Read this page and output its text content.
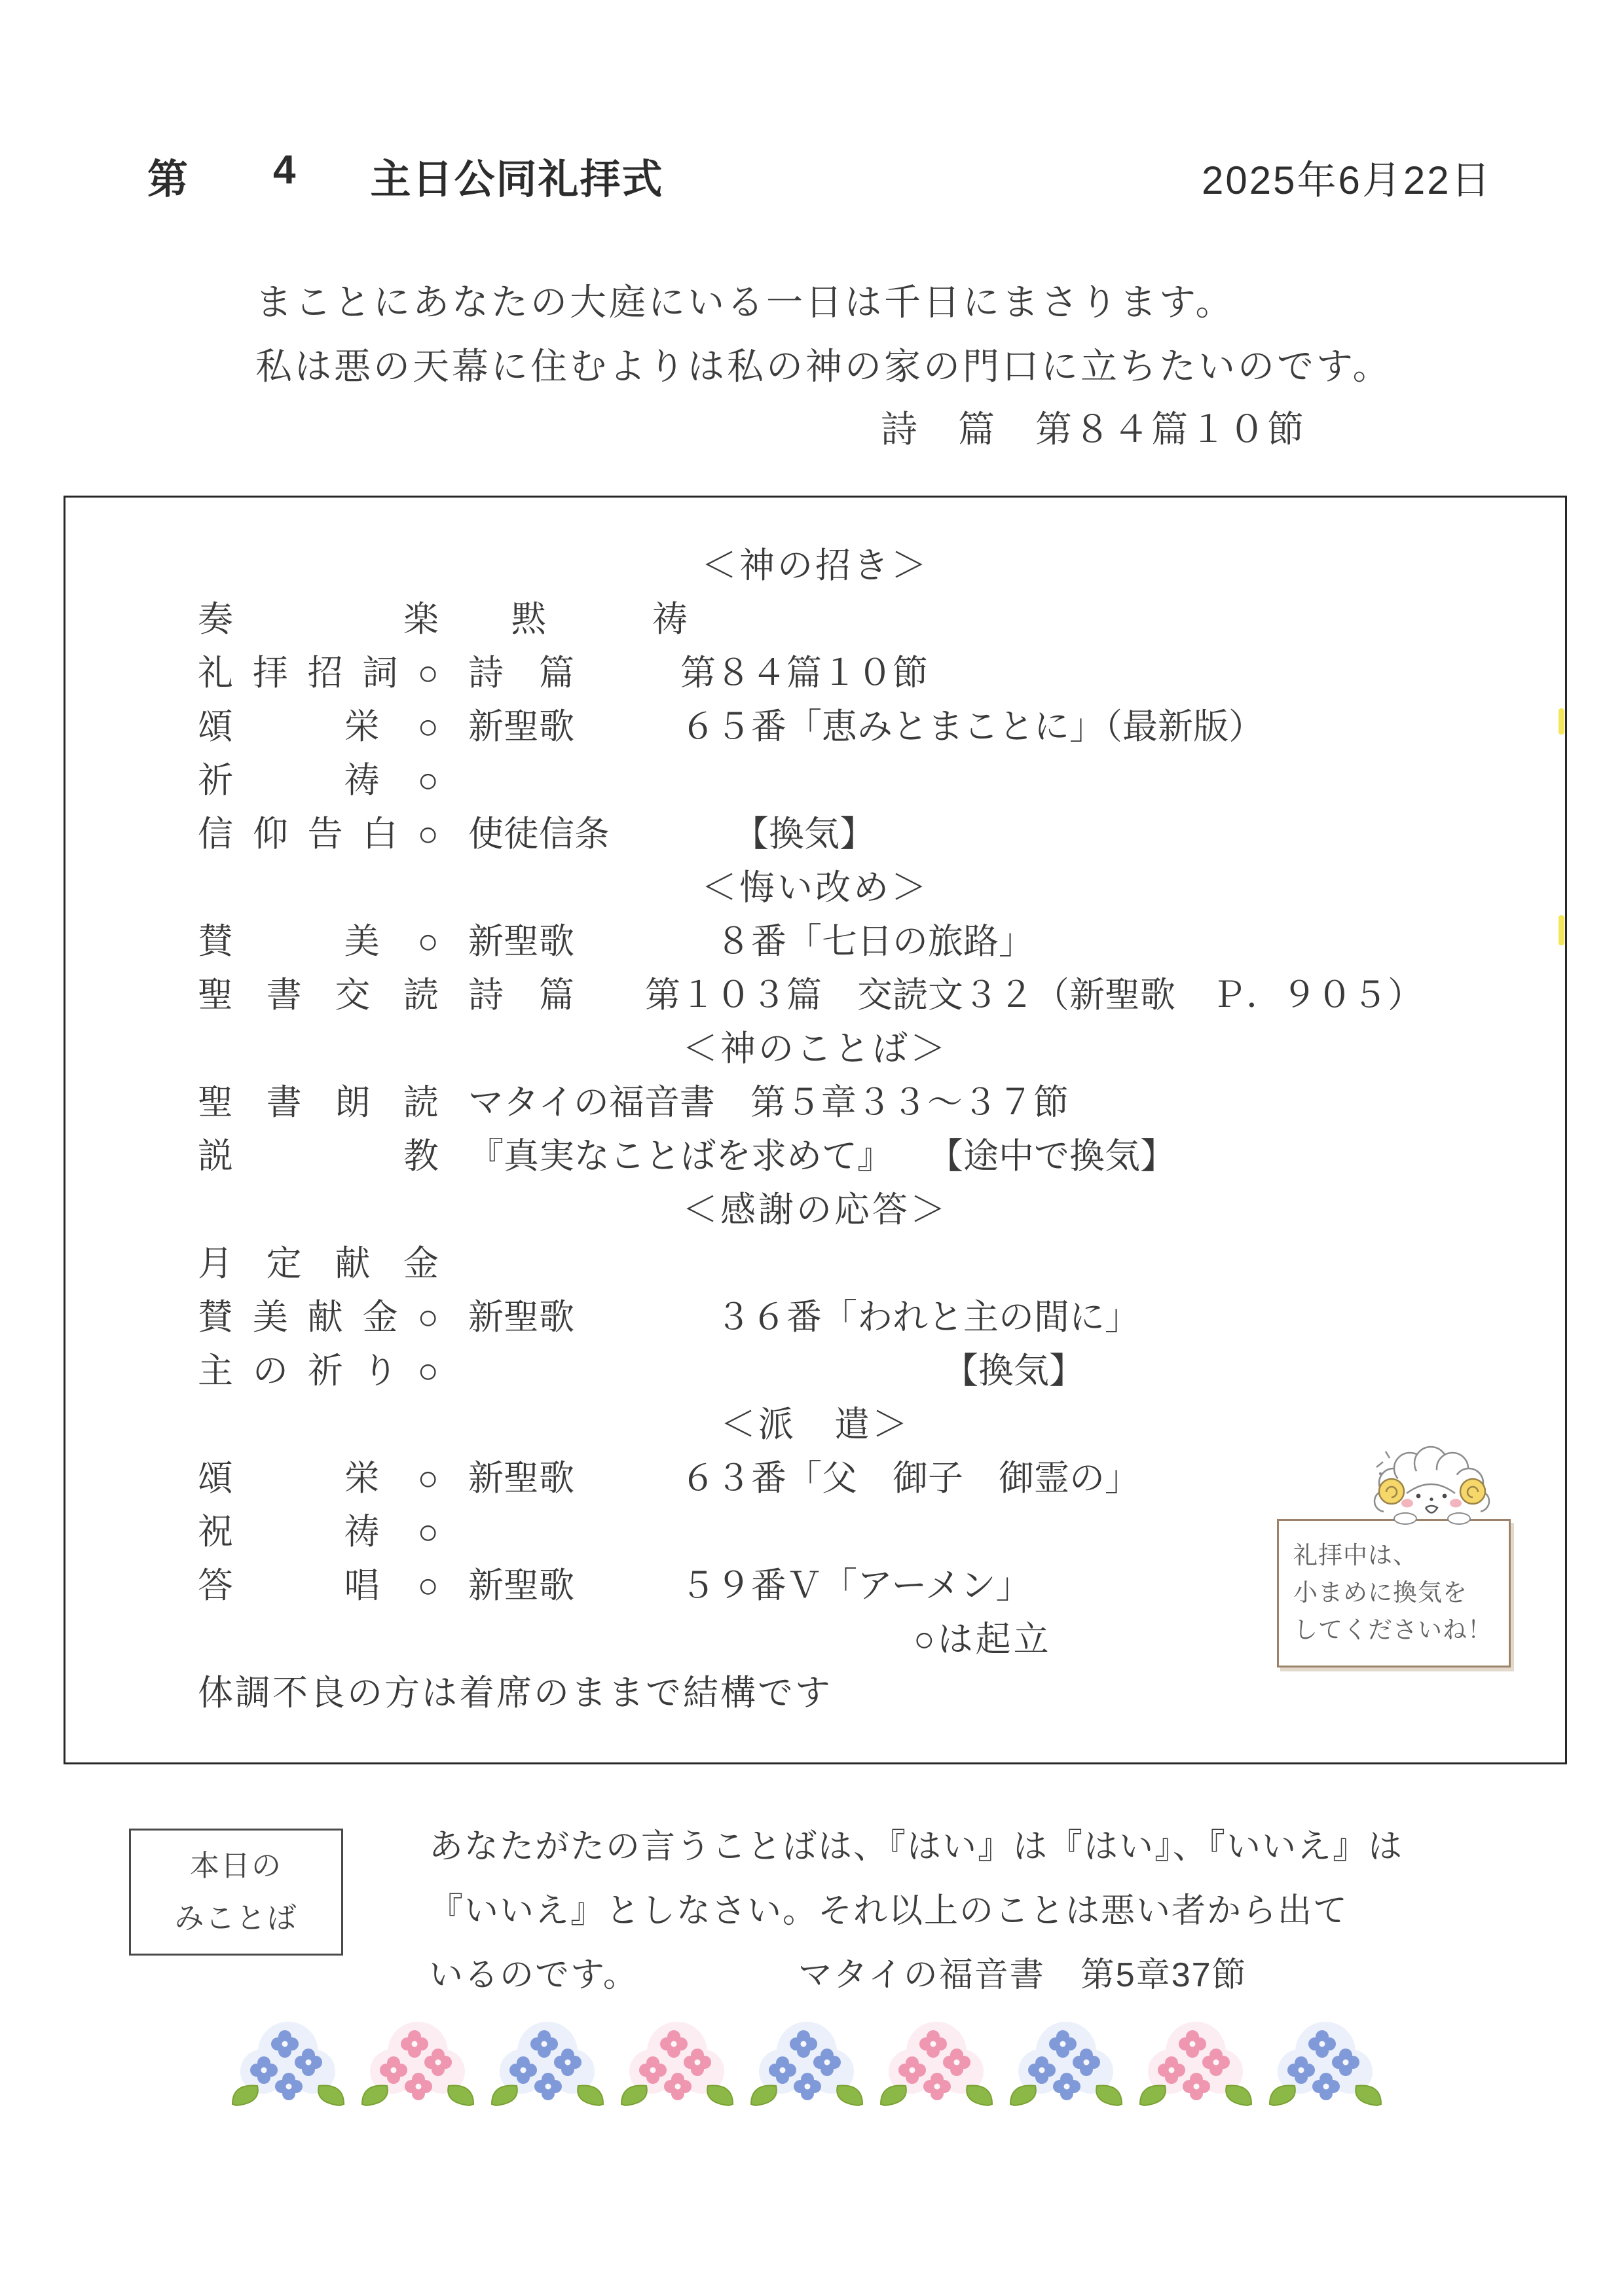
第 4 主日公同礼拝式	2025年6月22日
まことにあなたの大庭にいる一日は千日にまさります。
私は悪の天幕に住むよりは私の神の家の門口に立ちたいのです。
詩　篇　第８４篇１０節
＜神の招き＞
奏　楽 黙　　　祷
礼拝招詞○ 詩　篇　　　第８４篇１０節
頌　栄○ 新聖歌　　　６５番「恵みとまことに」（最新版）
祈　祷○
信仰告白○ 使徒信条　　　　【換気】
＜悔い改め＞
賛　美○ 新聖歌　　　　８番「七日の旅路」
聖書交読 詩　篇　　第１０３篇　交読文３２（新聖歌　Ｐ．９０５）
＜神のことば＞
聖書朗読 マタイの福音書　第５章３３～３７節
説　教 『真実なことばを求めて』　　【途中で換気】
＜感謝の応答＞
月定献金
賛美献金○ 新聖歌　　　　３６番「われと主の間に」
主の祈り○	【換気】
＜派　遣＞
頌　栄○ 新聖歌　　　６３番「父　御子　御霊の」
祝　祷○
答　唱○ 新聖歌　　　５９番Ｖ「アーメン」
○は起立
体調不良の方は着席のままで結構です
礼拝中は、
小まめに換気を
してくださいね！
本日の
みことば
あなたがたの言うことばは、『はい』は『はい』、『いいえ』は
『いいえ』としなさい。それ以上のことは悪い者から出て
いるのです。　　　　　マタイの福音書　第5章37節
